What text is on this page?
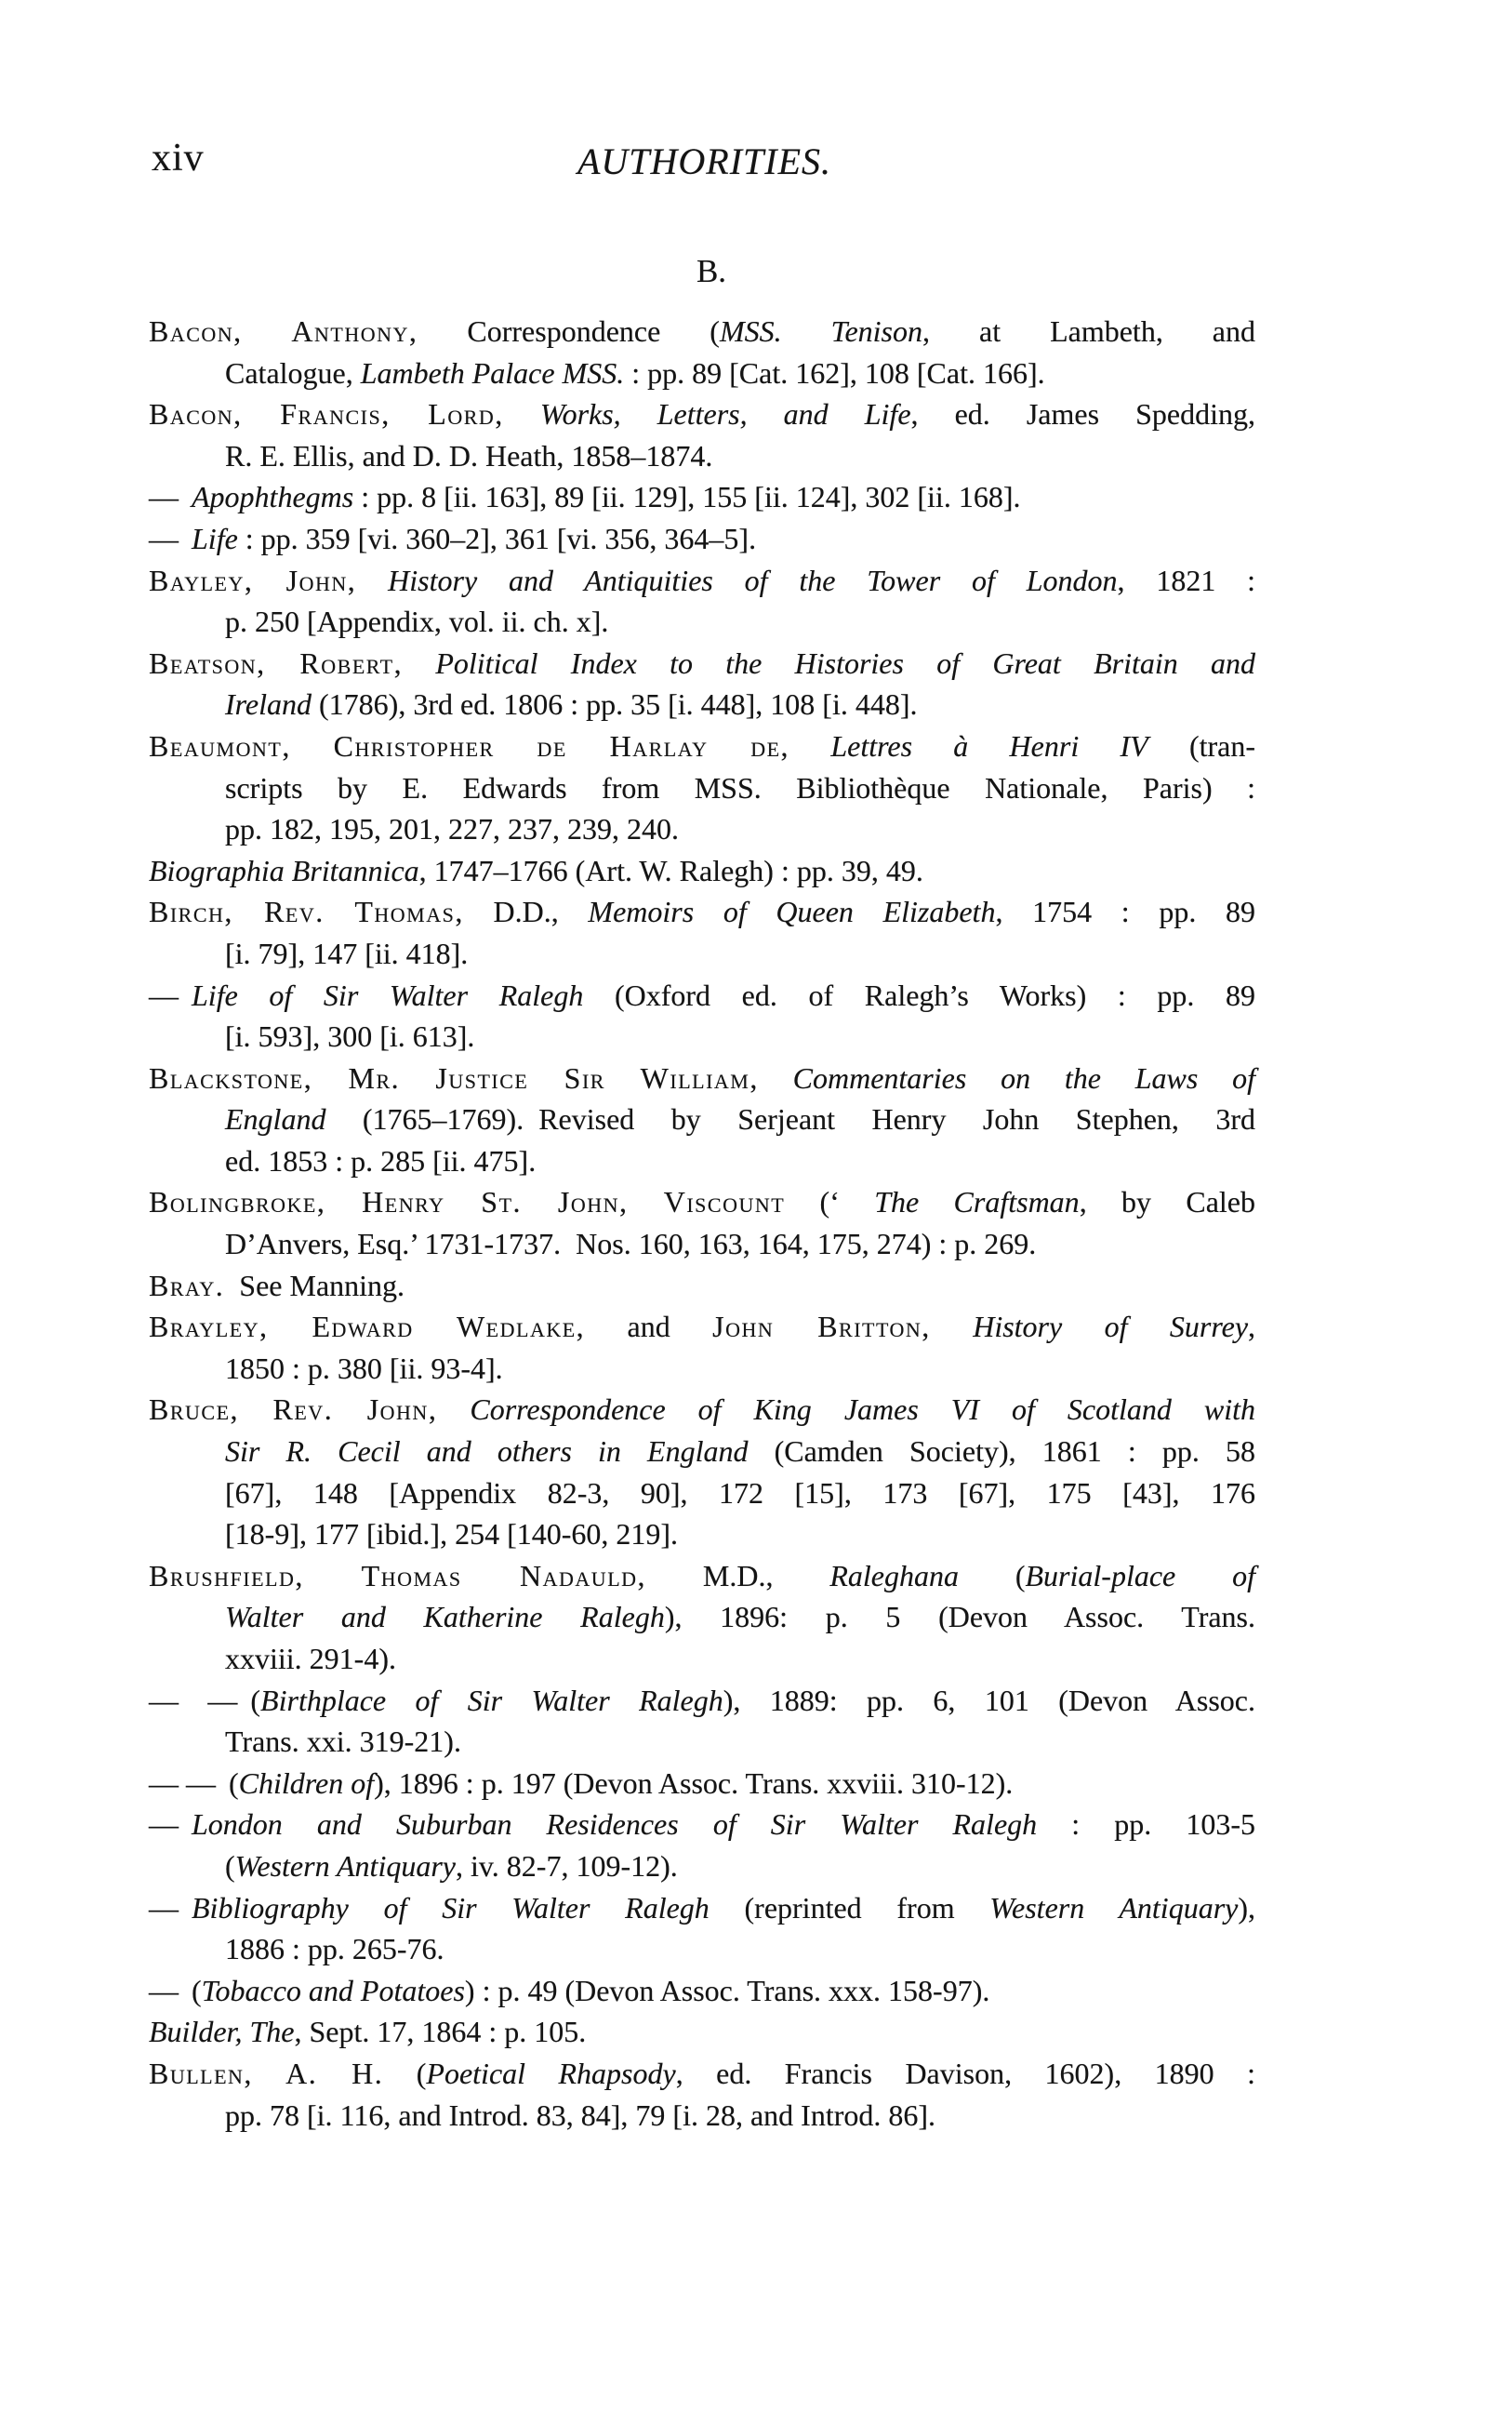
xiv	AUTHORITIES.
B.

Bacon, Anthony, Correspondence (MSS. Tenison, at Lambeth, and
Catalogue, Lambeth Palace MSS. : pp. 89 [Cat. 162], 108 [Cat. 166].

Bacon, Francis, Lord, Works, Letters, and Life, ed. James Spedding,
R. E. Ellis, and D. D. Heath, 1858–1874.

— Apophthegms : pp. 8 [ii. 163], 89 [ii. 129], 155 [ii. 124], 302 [ii. 168].

— Life : pp. 359 [vi. 360–2], 361 [vi. 356, 364–5].

Bayley, John, History and Antiquities of the Tower of London, 1821 :
p. 250 [Appendix, vol. ii. ch. x].

Beatson, Robert, Political Index to the Histories of Great Britain and
Ireland (1786), 3rd ed. 1806 : pp. 35 [i. 448], 108 [i. 448].

Beaumont, Christopher de Harlay de, Lettres à Henri IV (tran-
scripts by E. Edwards from MSS. Bibliothèque Nationale, Paris) :
pp. 182, 195, 201, 227, 237, 239, 240.

Biographia Britannica, 1747–1766 (Art. W. Ralegh) : pp. 39, 49.

Birch, Rev. Thomas, D.D., Memoirs of Queen Elizabeth, 1754 : pp. 89
[i. 79], 147 [ii. 418].

— Life of Sir Walter Ralegh (Oxford ed. of Ralegh’s Works) : pp. 89
[i. 593], 300 [i. 613].

Blackstone, Mr. Justice Sir William, Commentaries on the Laws of
England (1765–1769). Revised by Serjeant Henry John Stephen, 3rd
ed. 1853 : p. 285 [ii. 475].

Bolingbroke, Henry St. John, Viscount (‘ The Craftsman, by Caleb
D’Anvers, Esq.’ 1731-1737. Nos. 160, 163, 164, 175, 274) : p. 269.

Bray. See Manning.

Brayley, Edward Wedlake, and John Britton, History of Surrey,
1850 : p. 380 [ii. 93-4].

Bruce, Rev. John, Correspondence of King James VI of Scotland with
Sir R. Cecil and others in England (Camden Society), 1861 : pp. 58
[67], 148 [Appendix 82-3, 90], 172 [15], 173 [67], 175 [43], 176
[18-9], 177 [ibid.], 254 [140-60, 219].

Brushfield, Thomas Nadauld, M.D., Raleghana (Burial-place of
Walter and Katherine Ralegh), 1896: p. 5 (Devon Assoc. Trans.
xxviii. 291-4).

— — (Birthplace of Sir Walter Ralegh), 1889: pp. 6, 101 (Devon Assoc.
Trans. xxi. 319-21).

— — (Children of), 1896 : p. 197 (Devon Assoc. Trans. xxviii. 310-12).

— London and Suburban Residences of Sir Walter Ralegh : pp. 103-5
(Western Antiquary, iv. 82-7, 109-12).

— Bibliography of Sir Walter Ralegh (reprinted from Western Antiquary),
1886 : pp. 265-76.

— (Tobacco and Potatoes) : p. 49 (Devon Assoc. Trans. xxx. 158-97).

Builder, The, Sept. 17, 1864 : p. 105.

Bullen, A. H. (Poetical Rhapsody, ed. Francis Davison, 1602), 1890 :
pp. 78 [i. 116, and Introd. 83, 84], 79 [i. 28, and Introd. 86].
